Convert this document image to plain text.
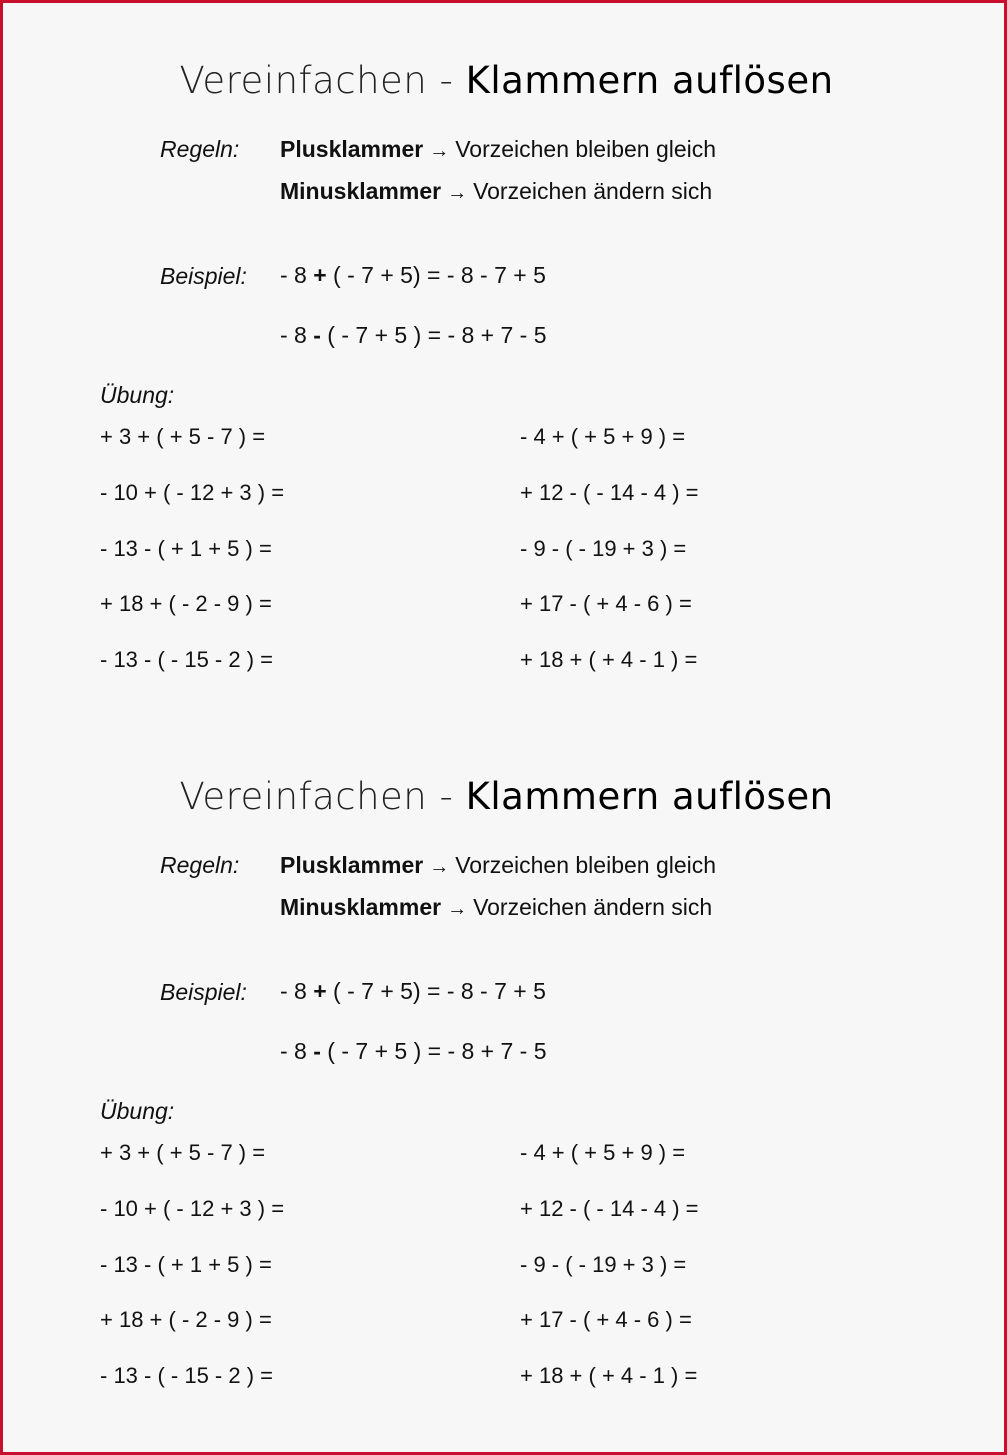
Vereinfachen - Klammern auflösen
Regeln: Plusklammer → Vorzeichen bleiben gleich
Minusklammer → Vorzeichen ändern sich
Beispiel: - 8 + ( - 7 + 5) = - 8 - 7 + 5
- 8 - ( - 7 + 5 ) = - 8 + 7 - 5
Übung:
+ 3 + ( + 5 - 7 ) =
- 10 + ( - 12 + 3 ) =
- 13 - ( + 1 + 5 ) =
+ 18 + ( - 2 - 9 ) =
- 13 - ( - 15 - 2 ) =
- 4 + ( + 5 + 9 ) =
+ 12 - ( - 14 - 4 ) =
- 9 - ( - 19 + 3 ) =
+ 17 - ( + 4 - 6 ) =
+ 18 + ( + 4 - 1 ) =
Vereinfachen - Klammern auflösen
Regeln: Plusklammer → Vorzeichen bleiben gleich
Minusklammer → Vorzeichen ändern sich
Beispiel: - 8 + ( - 7 + 5) = - 8 - 7 + 5
- 8 - ( - 7 + 5 ) = - 8 + 7 - 5
Übung:
+ 3 + ( + 5 - 7 ) =
- 10 + ( - 12 + 3 ) =
- 13 - ( + 1 + 5 ) =
+ 18 + ( - 2 - 9 ) =
- 13 - ( - 15 - 2 ) =
- 4 + ( + 5 + 9 ) =
+ 12 - ( - 14 - 4 ) =
- 9 - ( - 19 + 3 ) =
+ 17 - ( + 4 - 6 ) =
+ 18 + ( + 4 - 1 ) =
